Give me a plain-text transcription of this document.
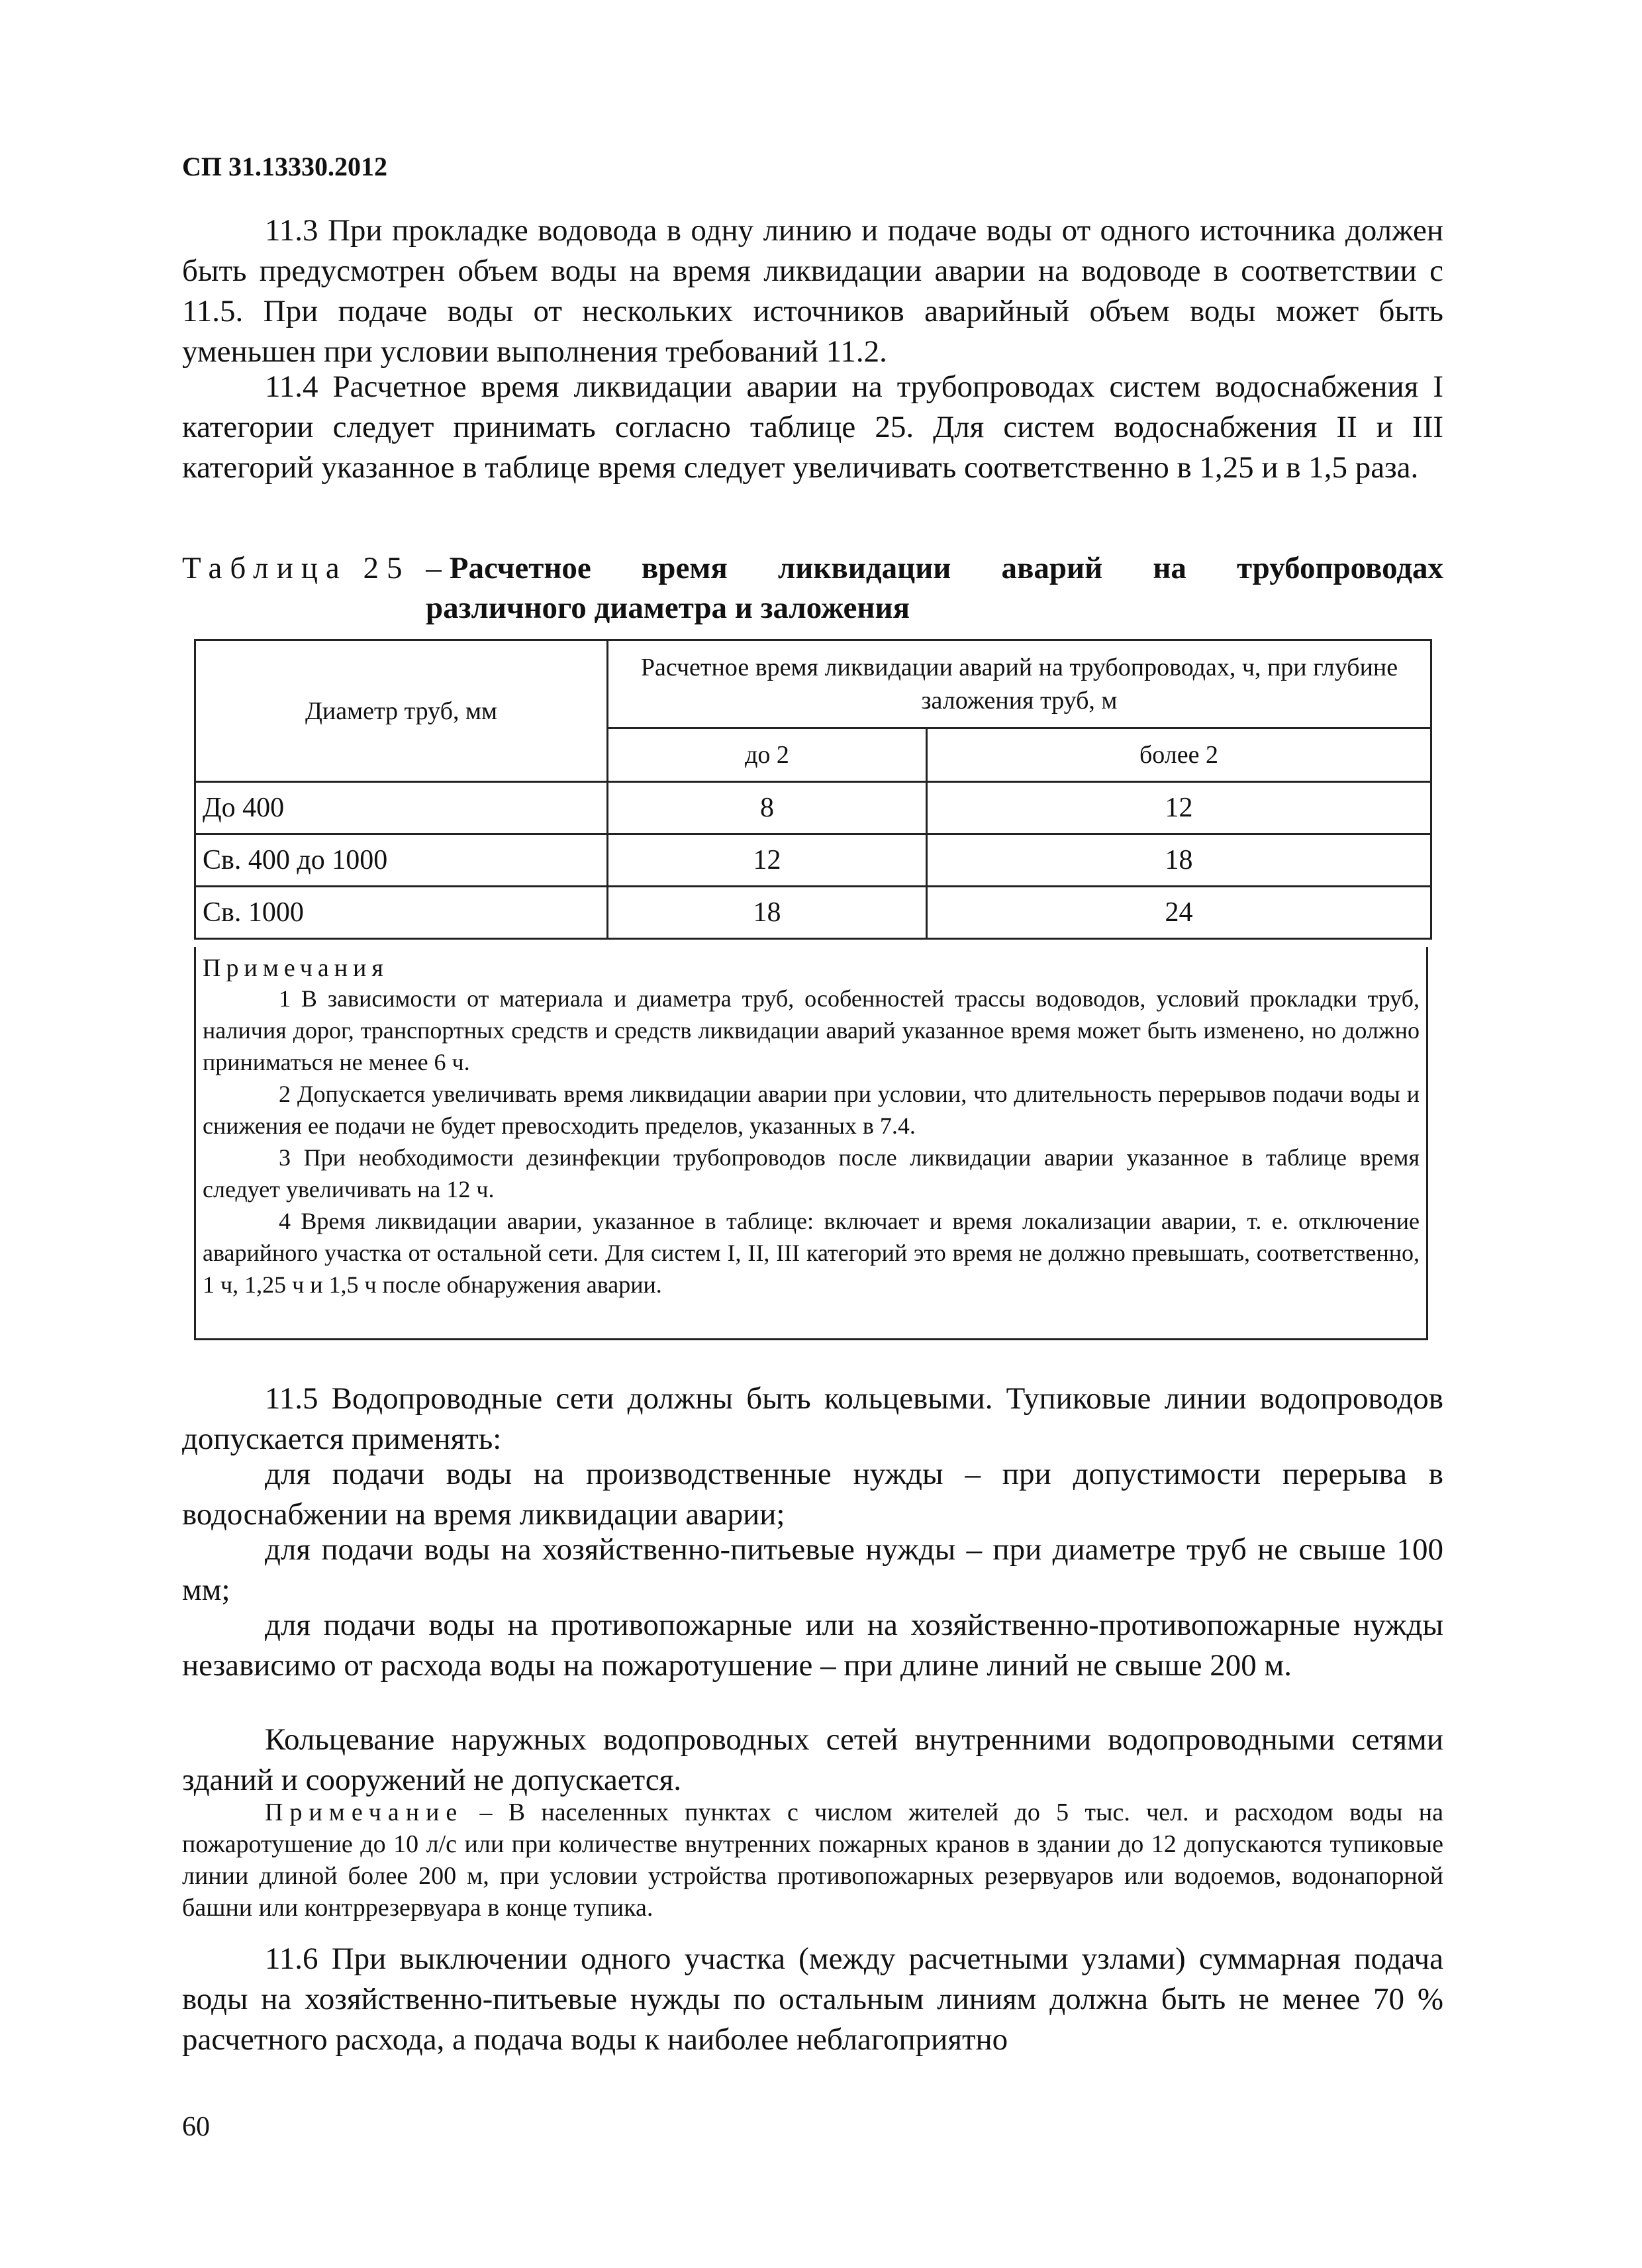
СП 31.13330.2012

11.3 При прокладке водовода в одну линию и подаче воды от одного источника должен быть предусмотрен объем воды на время ликвидации аварии на водоводе в соответствии с 11.5. При подаче воды от нескольких источников аварийный объем воды может быть уменьшен при условии выполнения требований 11.2.

11.4 Расчетное время ликвидации аварии на трубопроводах систем водоснабжения I категории следует принимать согласно таблице 25. Для систем водоснабжения II и III категорий указанное в таблице время следует увеличивать соответственно в 1,25 и в 1,5 раза.

Таблица 25 – Расчетное время ликвидации аварий на трубопроводах
различного диаметра и заложения
Диаметр труб, мм	Расчетное время ликвидации аварий на трубопроводах, ч, при глубине заложения труб, м	
	до 2	более 2
До 400	8	12
Св. 400 до 1000	12	18
Св. 1000	18	24
Примечания

1 В зависимости от материала и диаметра труб, особенностей трассы водоводов, условий прокладки труб, наличия дорог, транспортных средств и средств ликвидации аварий указанное время может быть изменено, но должно приниматься не менее 6 ч.

2 Допускается увеличивать время ликвидации аварии при условии, что длительность перерывов подачи воды и снижения ее подачи не будет превосходить пределов, указанных в 7.4.

3 При необходимости дезинфекции трубопроводов после ликвидации аварии указанное в таблице время следует увеличивать на 12 ч.

4 Время ликвидации аварии, указанное в таблице: включает и время локализации аварии, т. е. отключение аварийного участка от остальной сети. Для систем I, II, III категорий это время не должно превышать, соответственно, 1 ч, 1,25 ч и 1,5 ч после обнаружения аварии.

11.5 Водопроводные сети должны быть кольцевыми. Тупиковые линии водопроводов допускается применять:

для подачи воды на производственные нужды – при допустимости перерыва в водоснабжении на время ликвидации аварии;

для подачи воды на хозяйственно-питьевые нужды – при диаметре труб не свыше 100 мм;

для подачи воды на противопожарные или на хозяйственно-противопожарные нужды независимо от расхода воды на пожаротушение – при длине линий не свыше 200 м.

Кольцевание наружных водопроводных сетей внутренними водопроводными сетями зданий и сооружений не допускается.

Примечание – В населенных пунктах с числом жителей до 5 тыс. чел. и расходом воды на пожаротушение до 10 л/с или при количестве внутренних пожарных кранов в здании до 12 допускаются тупиковые линии длиной более 200 м, при условии устройства противопожарных резервуаров или водоемов, водонапорной башни или контррезервуара в конце тупика.

11.6 При выключении одного участка (между расчетными узлами) суммарная подача воды на хозяйственно-питьевые нужды по остальным линиям должна быть не менее 70 % расчетного расхода, а подача воды к наиболее неблагоприятно

60
